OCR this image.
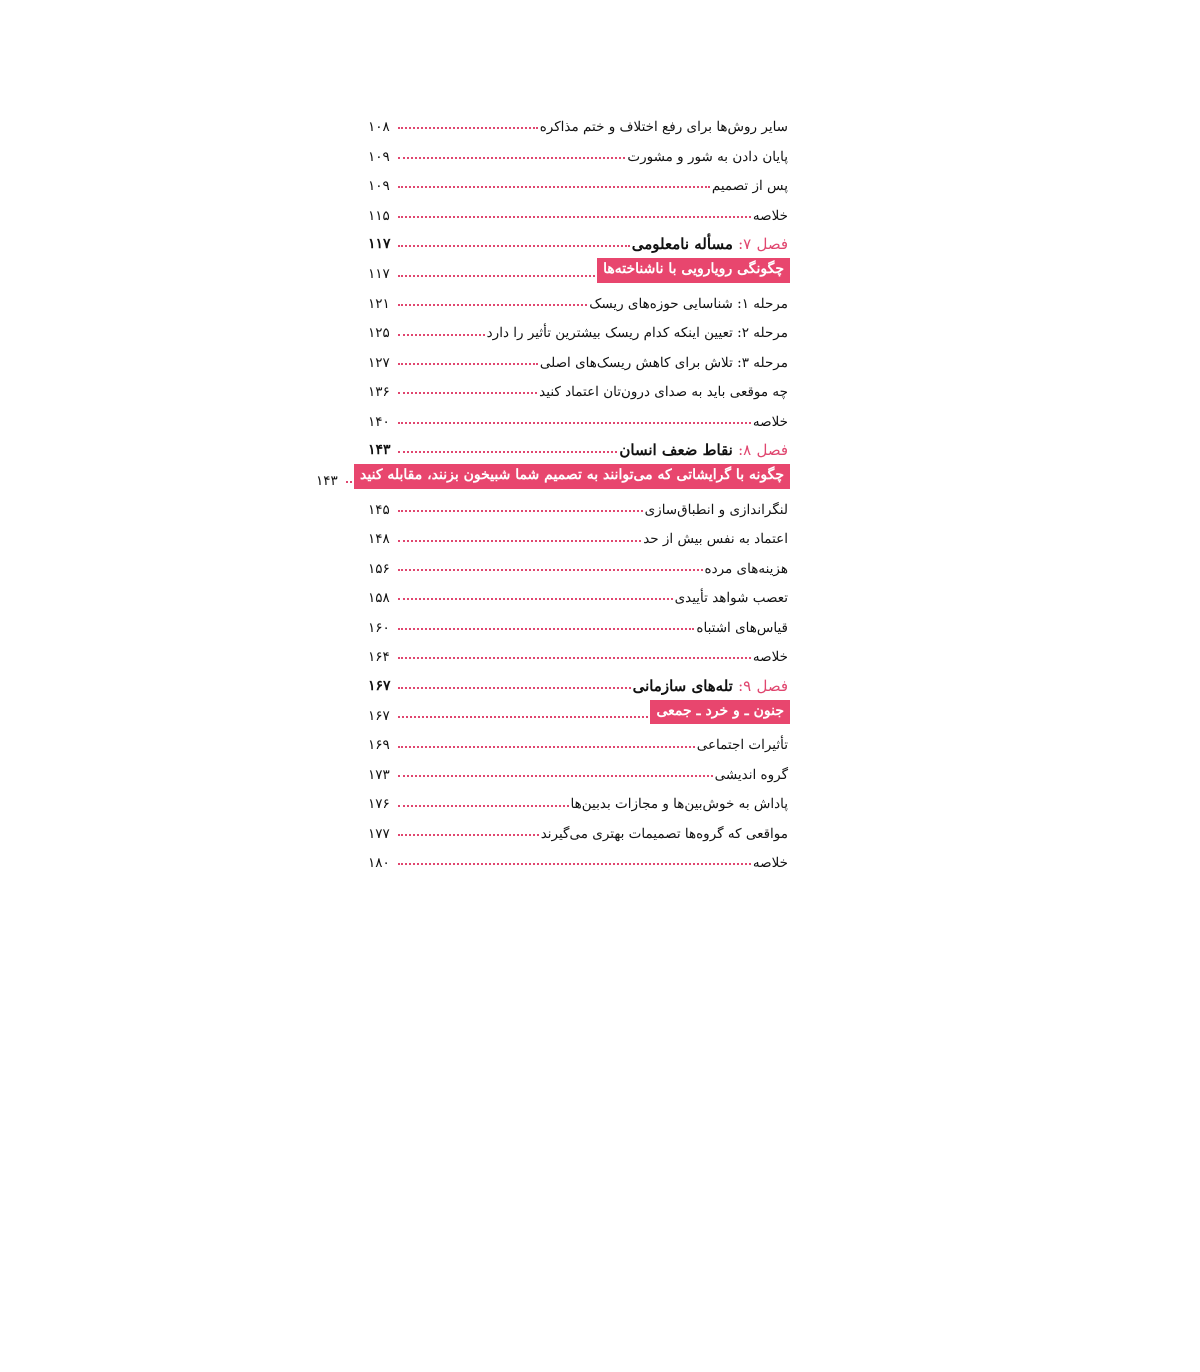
سایر روش‌ها برای رفع اختلاف و ختم مذاکره
۱۰۸
پایان دادن به شور و مشورت
۱۰۹
پس از تصمیم
۱۰۹
خلاصه
۱۱۵
فصل ۷: مسأله نامعلومی
۱۱۷
چگونگی رویارویی با ناشناخته‌ها
۱۱۷
مرحله ۱: شناسایی حوزه‌های ریسک
۱۲۱
مرحله ۲: تعیین اینکه کدام ریسک بیشترین تأثیر را دارد
۱۲۵
مرحله ۳: تلاش برای کاهش ریسک‌های اصلی
۱۲۷
چه موقعی باید به صدای درون‌تان اعتماد کنید
۱۳۶
خلاصه
۱۴۰
فصل ۸: نقاط ضعف انسان
۱۴۳
چگونه با گرایشاتی که می‌توانند به تصمیم شما شبیخون بزنند، مقابله کنید
۱۴۳
لنگراندازی و انطباق‌سازی
۱۴۵
اعتماد به نفس بیش از حد
۱۴۸
هزینه‌های مرده
۱۵۶
تعصب شواهد تأییدی
۱۵۸
قیاس‌های اشتباه
۱۶۰
خلاصه
۱۶۴
فصل ۹: تله‌های سازمانی
۱۶۷
جنون ـ و خرد ـ جمعی
۱۶۷
تأثیرات اجتماعی
۱۶۹
گروه اندیشی
۱۷۳
پاداش به خوش‌بین‌ها و مجازات بدبین‌ها
۱۷۶
مواقعی که گروه‌ها تصمیمات بهتری می‌گیرند
۱۷۷
خلاصه
۱۸۰
